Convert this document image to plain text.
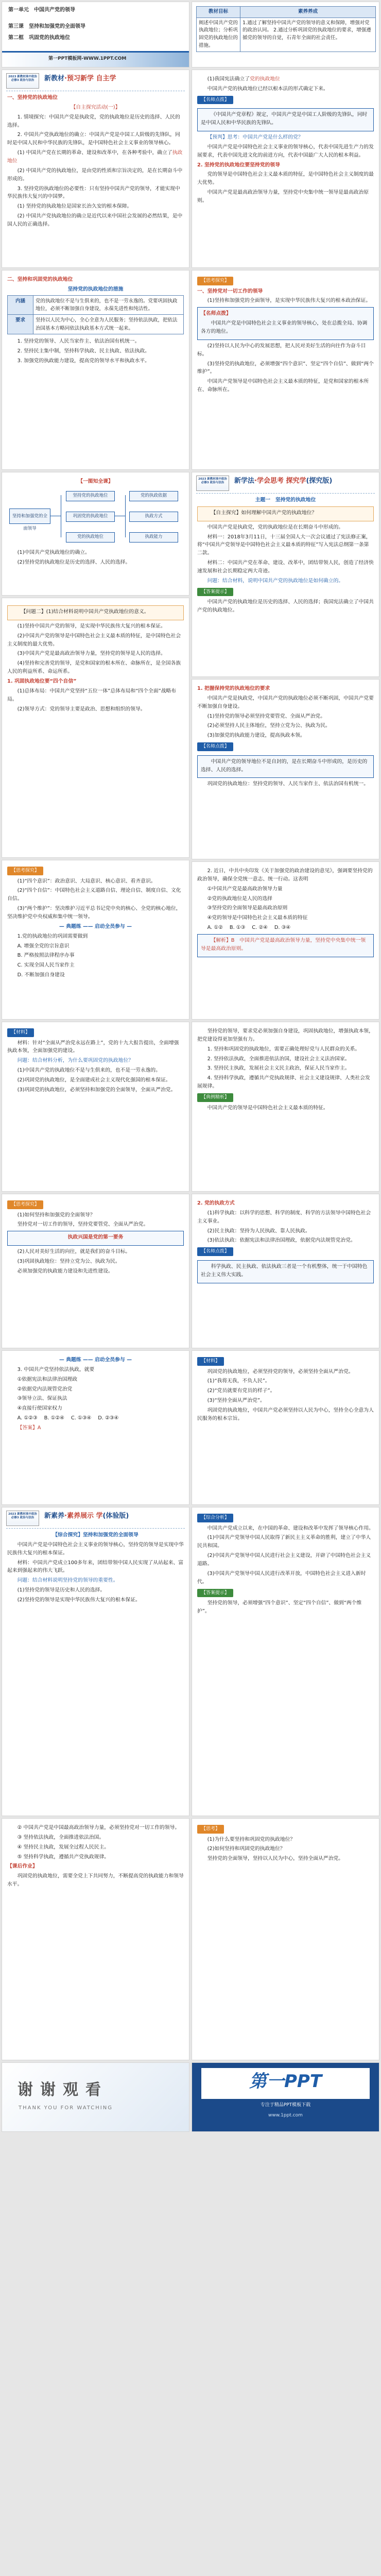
第一单元　中国共产党的领导
第三课　坚持和加强党的全面领导
第二框　巩固党的执政地位
第一PPT模板网-WWW.1PPT.COM
教材目标	素养养成
阐述中国共产党的执政地位；分析巩固党的执政地位的措施。	1.通过了解坚持中国共产党的领导的意义和保障，增强对党的政治认同。 2.通过分析巩固党的执政地位的要求，增强遵循党的领导的自觉，石青年全面的社会责任。
2023 新教材高中政治 必修3 政治与法治	新教材·预习新学 自主学

一、坚持党的执政地位

【自主探究活动(一)】

1. 情境探究：中国共产党是执政党，党的执政地位是历史的选择、人民的选择。

2. 中国共产党执政地位的确立：中国共产党是中国工人阶级的先锋队，同时是中国人民和中华民族的先锋队，是中国特色社会主义事业的领导核心。

(1) 中国共产党在长期的革命、建设和改革中，在各种考验中，确立了执政地位

(2) 中国共产党的执政地位，是由党的性质和宗旨决定的，是在长期奋斗中形成的。

3. 坚持党的执政地位的必要性：只有坚持中国共产党的领导，才能实现中华民族伟大复兴的中国梦。

(1) 坚持党的执政地位是国家长治久安的根本保障。

(2) 中国共产党执政地位的确立是近代以来中国社会发展的必然结果，是中国人民的正确选择。

(1)我国宪法确立了党的执政地位

中国共产党的执政地位已经以根本法的形式确定下来。

【名师点拨】

《中国共产党章程》规定，中国共产党是中国工人阶级的先锋队，同时是中国人民和中华民族的先锋队。

【预判】思考：中国共产党是什么样的党？

中国共产党是中国特色社会主义事业的领导核心，代表中国先进生产力的发展要求，代表中国先进文化的前进方向，代表中国最广大人民的根本利益。

2. 坚持党的执政地位要坚持党的领导

党的领导是中国特色社会主义最本质的特征，是中国特色社会主义制度的最大优势。

中国共产党是最高政治领导力量，坚持党中央集中统一领导是最高政治原则。

二、坚持和巩固党的执政地位

坚持党的执政地位的措施

内涵	党的执政地位不是与生俱来的，也不是一劳永逸的。党要巩固执政地位，必须不断加强自身建设，永葆先进性和纯洁性。
要求	坚持以人民为中心，全心全意为人民服务；坚持依法执政，把依法治国基本方略同依法执政基本方式统一起来。

1. 坚持党的领导、人民当家作主、依法治国有机统一。

2. 坚持民主集中制，坚持科学执政、民主执政、依法执政。

3. 加强党的执政能力建设，提高党的领导水平和执政水平。

【思考探究】

一、坚持党对一切工作的领导

(1)坚持和加强党的全面领导，是实现中华民族伟大复兴的根本政治保证。

【名师点拨】

中国共产党是中国特色社会主义事业的领导核心，处在总揽全局、协调各方的地位。

(2)坚持以人民为中心的发展思想，把人民对美好生活的向往作为奋斗目标。

(3)坚持党的执政地位，必须增强“四个意识”、坚定“四个自信”、做到“两个维护”。

中国共产党领导是中国特色社会主义最本质的特征，是党和国家的根本所在、命脉所在。

【一图知全课】

坚持和加强党的全面领导
坚持党的执政地位
巩固党的执政地位
党的执政地位
党的执政依据
执政方式
执政能力

(1)中国共产党执政地位的确立。

(2)坚持党的执政地位是历史的选择、人民的选择。

2023 新教材高中政治 必修3 政治与法治	新学法·学会思考 探究学(探究版)

主题一　坚持党的执政地位

【自主探究】如何理解中国共产党的执政地位？

中国共产党是执政党，党的执政地位是在长期奋斗中形成的。

材料一：2018年3月11日，十三届全国人大一次会议通过了宪法修正案，将“中国共产党领导是中国特色社会主义最本质的特征”写入宪法总纲第一条第二款。

材料二：中国共产党在革命、建设、改革中，团结带领人民，创造了经济快速发展和社会长期稳定两大奇迹。

问题：结合材料，说明中国共产党的执政地位是如何确立的。

【答案提示】

中国共产党的执政地位是历史的选择、人民的选择；我国宪法确立了中国共产党的执政地位。

【问题二】(1)结合材料说明中国共产党执政地位的意义。

(1)坚持中国共产党的领导，是实现中华民族伟大复兴的根本保证。

(2)中国共产党的领导是中国特色社会主义最本质的特征，是中国特色社会主义制度的最大优势。

(3)中国共产党是最高政治领导力量，坚持党的领导是人民的选择。

(4)坚持和完善党的领导，是党和国家的根本所在、命脉所在，是全国各族人民的利益所系、命运所系。

1. 巩固执政地位要“四个自信”

(1)总体布局：中国共产党坚持“五位一体”总体布局和“四个全面”战略布局。

(2)领导方式：党的领导主要是政治、思想和组织的领导。

1. 把握保持党的执政地位的要求

中国共产党是执政党，中国共产党的执政地位必须不断巩固，中国共产党要不断加强自身建设。

(1)坚持党的领导必须坚持党要管党、全面从严治党。

(2)必须坚持人民主体地位，坚持立党为公、执政为民。

(3)加强党的执政能力建设，提高执政本领。

【名师点拨】

中国共产党的领导地位不是自封的，是在长期奋斗中形成的，是历史的选择、人民的选择。

巩固党的执政地位：坚持党的领导、人民当家作主、依法治国有机统一。

【思考探究】

(1)“四个意识”：政治意识、大局意识、核心意识、看齐意识。

(2)“四个自信”：中国特色社会主义道路自信、理论自信、制度自信、文化自信。

(3)“两个维护”：坚决维护习近平总书记党中央的核心、全党的核心地位，坚决维护党中央权威和集中统一领导。

— 典题练 —— 启动全员参与 —

1.党的执政地位的巩固需要做到

A. 增强全党的宗旨意识

B. 严格按照法律程序办事

C. 实现全国人民当家作主

D. 不断加强自身建设

2. 近日，中共中央印发《关于加强党的政治建设的意见》，强调要坚持党的政治领导，确保全党统一意志、统一行动。这表明

①中国共产党是最高政治领导力量

②党的执政地位是人民的选择

③坚持党的全面领导是最高政治原则

④党的领导是中国特色社会主义最本质的特征

A. ①②　 B. ①③　 C. ②④　 D. ③④

【解析】B　中国共产党是最高政治领导力量，坚持党中央集中统一领导是最高政治原则。

【材料】

材料：针对“全面从严治党永远在路上”，党的十九大报告提出，全面增强执政本领，全面加强党的建设。

问题：结合材料分析，为什么要巩固党的执政地位？

(1)中国共产党的执政地位不是与生俱来的，也不是一劳永逸的。

(2)巩固党的执政地位，是全面建成社会主义现代化强国的根本保证。

(3)巩固党的执政地位，必须坚持和加强党的全面领导，全面从严治党。

坚持党的领导，要求党必须加强自身建设，巩固执政地位，增强执政本领，把党建设得更加坚强有力。

1. 坚持和巩固党的执政地位，需要正确处理好党与人民群众的关系。

2. 坚持依法执政，全面推进依法治国，建设社会主义法治国家。

3. 坚持民主执政，发展社会主义民主政治，保证人民当家作主。

4. 坚持科学执政，遵循共产党执政规律、社会主义建设规律、人类社会发展规律。

【典例精析】

中国共产党的领导是中国特色社会主义最本质的特征。

【思考探究】

(1)如何坚持和加强党的全面领导？

坚持党对一切工作的领导，坚持党要管党、全面从严治党。

执政兴国是党的第一要务

(2)人民对美好生活的向往，就是我们的奋斗目标。

(3)巩固执政地位：坚持立党为公、执政为民。

必须加强党的执政能力建设和先进性建设。

2. 党的执政方式

(1)科学执政：以科学的思想、科学的制度、科学的方法领导中国特色社会主义事业。

(2)民主执政：坚持为人民执政、靠人民执政。

(3)依法执政：依据宪法和法律治国理政，依据党内法规管党治党。

【名师点拨】

科学执政、民主执政、依法执政三者是一个有机整体，统一于中国特色社会主义伟大实践。

— 典题练 —— 启动全员参与 —

3. 中国共产党坚持依法执政，就要

①依据宪法和法律治国理政

②依据党内法规管党治党

③领导立法、保证执法

④直接行使国家权力

A. ①②③　 B. ①②④　 C. ①③④　 D. ②③④

【答案】A

【材料】

巩固党的执政地位，必须坚持党的领导，必须坚持全面从严治党。

(1)“我将无我，不负人民”。

(2)“党员就要有党员的样子”。

(3)“坚持全面从严治党”。

巩固党的执政地位，中国共产党必须坚持以人民为中心，坚持全心全意为人民服务的根本宗旨。

2023 新教材高中政治 必修3 政治与法治	新素养·素养展示 学(体验版)

【综合探究】坚持和加强党的全面领导

中国共产党是中国特色社会主义事业的领导核心，坚持党的领导是实现中华民族伟大复兴的根本保证。

材料：中国共产党成立100多年来，团结带领中国人民实现了从站起来、富起来到强起来的伟大飞跃。

问题：结合材料说明坚持党的领导的重要性。

(1)坚持党的领导是历史和人民的选择。

(2)坚持党的领导是实现中华民族伟大复兴的根本保证。

【综合分析】

中国共产党成立以来，在中国的革命、建设和改革中发挥了领导核心作用。

(1)中国共产党领导中国人民取得了新民主主义革命的胜利，建立了中华人民共和国。

(2)中国共产党领导中国人民进行社会主义建设，开辟了中国特色社会主义道路。

(3)中国共产党领导中国人民进行改革开放，中国特色社会主义进入新时代。

【答案提示】

坚持党的领导，必须增强“四个意识”、坚定“四个自信”、做到“两个维护”。

② 中国共产党是中国最高政治领导力量，必须坚持党对一切工作的领导。

③ 坚持依法执政，全面推进依法治国。

④ 坚持民主执政，发展全过程人民民主。

⑤ 坚持科学执政，遵循共产党执政规律。

【课后作业】

巩固党的执政地位，需要全党上下共同努力，不断提高党的执政能力和领导水平。

【思考】

(1)为什么要坚持和巩固党的执政地位？

(2)如何坚持和巩固党的执政地位？

坚持党的全面领导，坚持以人民为中心，坚持全面从严治党。

谢谢观看
THANK YOU FOR WATCHING
第一PPT
专注于精品PPT模板下载
www.1ppt.com
